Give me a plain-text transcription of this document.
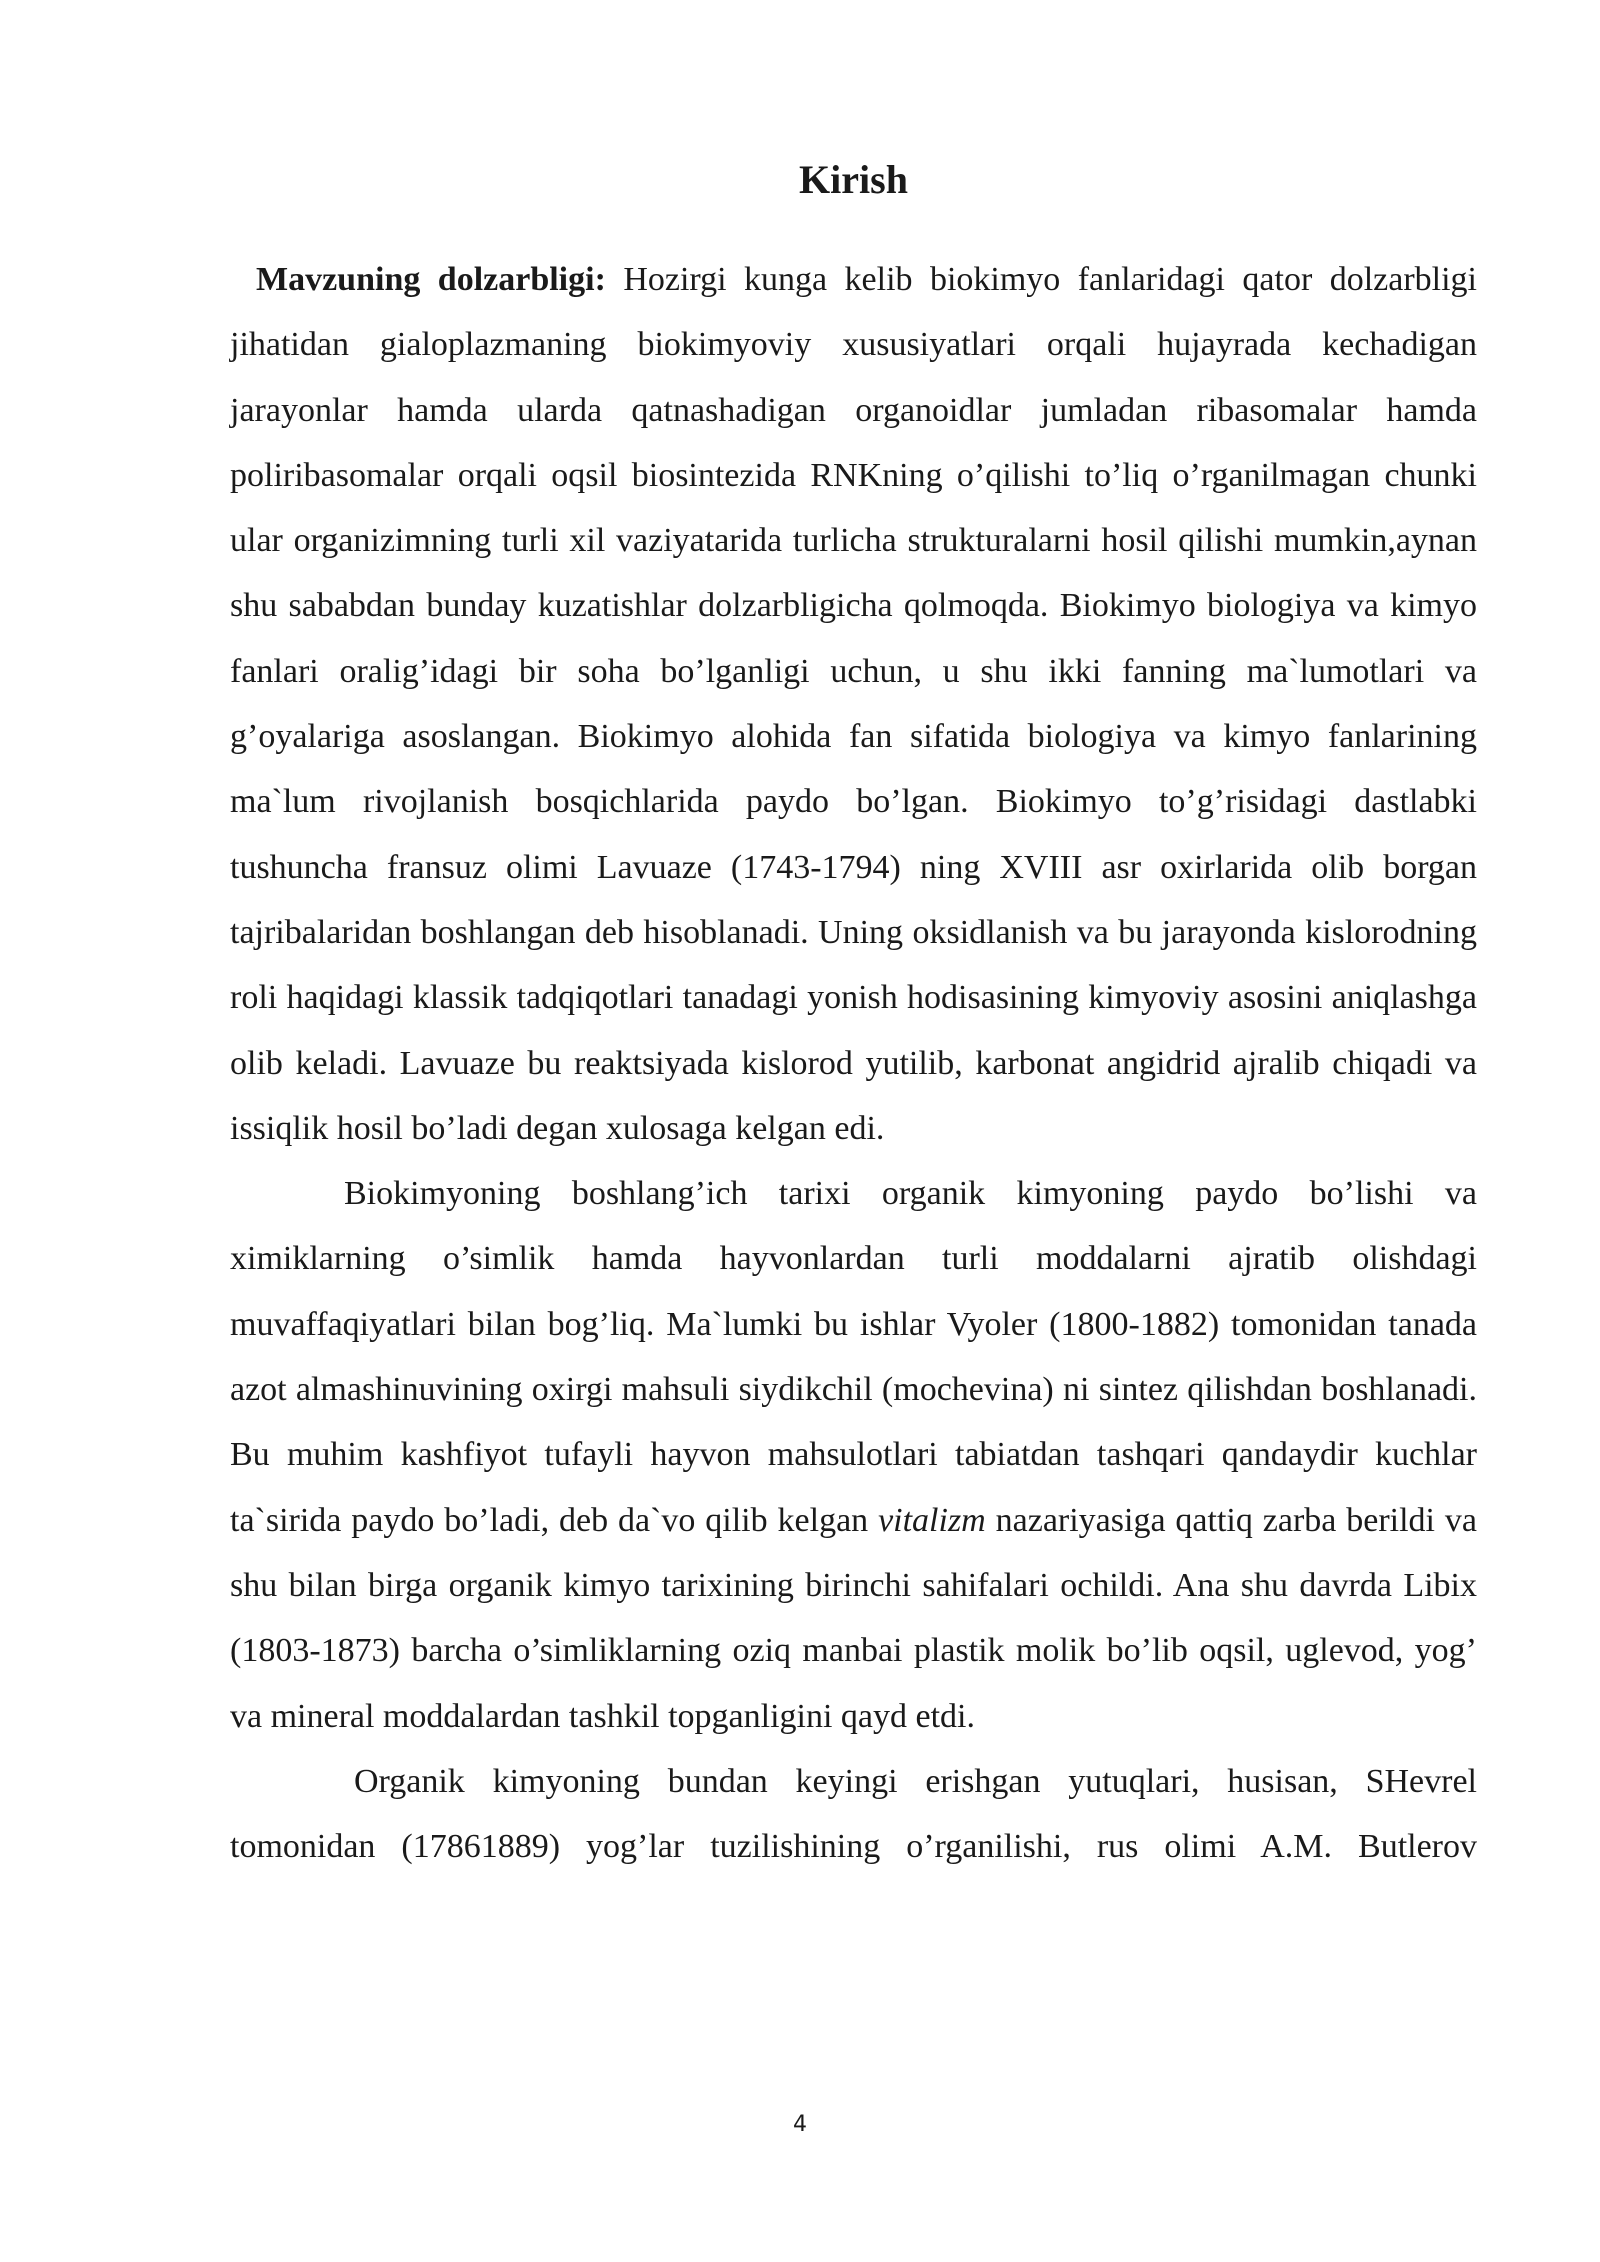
Kirish

Mavzuning dolzarbligi: Hozirgi kunga kelib biokimyo fanlaridagi qator dolzarbligi jihatidan gialoplazmaning biokimyoviy xususiyatlari orqali hujayrada kechadigan jarayonlar hamda ularda qatnashadigan organoidlar jumladan ribasomalar hamda poliribasomalar orqali oqsil biosintezida RNKning o’qilishi to’liq o’rganilmagan chunki ular organizimning turli xil vaziyatarida turlicha strukturalarni hosil qilishi mumkin,aynan shu sababdan bunday kuzatishlar dolzarbligicha qolmoqda. Biokimyo biologiya va kimyo fanlari oralig’idagi bir soha bo’lganligi uchun, u shu ikki fanning ma`lumotlari va g’oyalariga asoslangan. Biokimyo alohida fan sifatida biologiya va kimyo fanlarining ma`lum rivojlanish bosqichlarida paydo bo’lgan. Biokimyo to’g’risidagi dastlabki tushuncha fransuz olimi Lavuaze (1743-1794) ning XVIII asr oxirlarida olib borgan tajribalaridan boshlangan deb hisoblanadi. Uning oksidlanish va bu jarayonda kislorodning roli haqidagi klassik tadqiqotlari tanadagi yonish hodisasining kimyoviy asosini aniqlashga olib keladi. Lavuaze bu reaktsiyada kislorod yutilib, karbonat angidrid ajralib chiqadi va issiqlik hosil bo’ladi degan xulosaga kelgan edi.

Biokimyoning boshlang’ich tarixi organik kimyoning paydo bo’lishi va ximiklarning o’simlik hamda hayvonlardan turli moddalarni ajratib olishdagi muvaffaqiyatlari bilan bog’liq. Ma`lumki bu ishlar Vyoler (1800-1882) tomonidan tanada azot almashinuvining oxirgi mahsuli siydikchil (mochevina) ni sintez qilishdan boshlanadi. Bu muhim kashfiyot tufayli hayvon mahsulotlari tabiatdan tashqari qandaydir kuchlar ta`sirida paydo bo’ladi, deb da`vo qilib kelgan vitalizm nazariyasiga qattiq zarba berildi va shu bilan birga organik kimyo tarixining birinchi sahifalari ochildi. Ana shu davrda Libix (1803-1873) barcha o’simliklarning oziq manbai plastik molik bo’lib oqsil, uglevod, yog’ va mineral moddalardan tashkil topganligini qayd etdi.

Organik kimyoning bundan keyingi erishgan yutuqlari, husisan, SHevrel tomonidan (17861889) yog’lar tuzilishining o’rganilishi, rus olimi A.M. Butlerov

4
